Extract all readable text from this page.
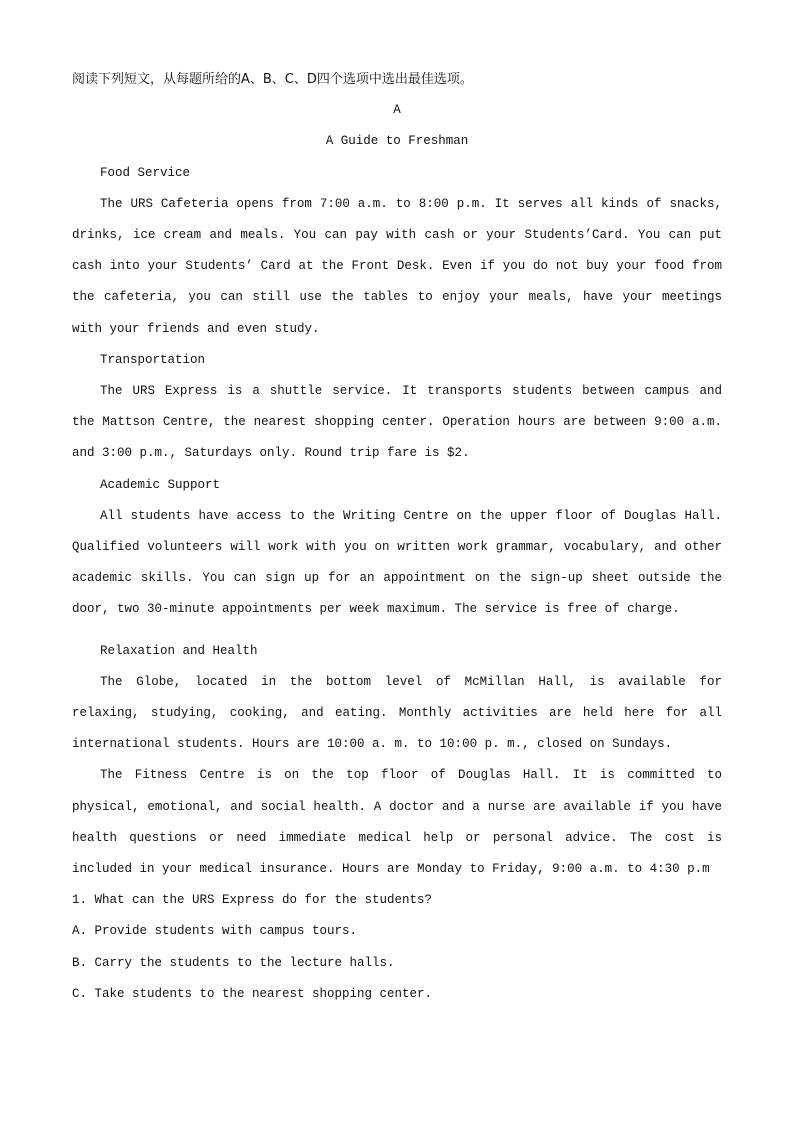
阅读下列短文，从每题所给的A、B、C、D四个选项中选出最佳选项。
A
A Guide to Freshman
Food Service
The URS Cafeteria opens from 7:00 a.m. to 8:00 p.m. It serves all kinds of snacks, drinks, ice cream and meals. You can pay with cash or your Students’Card. You can put cash into your Students’ Card at the Front Desk. Even if you do not buy your food from the cafeteria, you can still use the tables to enjoy your meals, have your meetings with your friends and even study.
Transportation
The URS Express is a shuttle service. It transports students between campus and the Mattson Centre, the nearest shopping center. Operation hours are between 9:00 a.m. and 3:00 p.m., Saturdays only. Round trip fare is $2.
Academic Support
All students have access to the Writing Centre on the upper floor of Douglas Hall. Qualified volunteers will work with you on written work grammar, vocabulary, and other academic skills. You can sign up for an appointment on the sign-up sheet outside the door, two 30-minute appointments per week maximum. The service is free of charge.
Relaxation and Health
The Globe, located in the bottom level of McMillan Hall, is available for relaxing, studying, cooking, and eating. Monthly activities are held here for all international students. Hours are 10:00 a. m. to 10:00 p. m., closed on Sundays.
The Fitness Centre is on the top floor of Douglas Hall. It is committed to physical, emotional, and social health. A doctor and a nurse are available if you have health questions or need immediate medical help or personal advice. The cost is included in your medical insurance. Hours are Monday to Friday, 9:00 a.m. to 4:30 p.m
1. What can the URS Express do for the students?
A. Provide students with campus tours.
B. Carry the students to the lecture halls.
C. Take students to the nearest shopping center.
